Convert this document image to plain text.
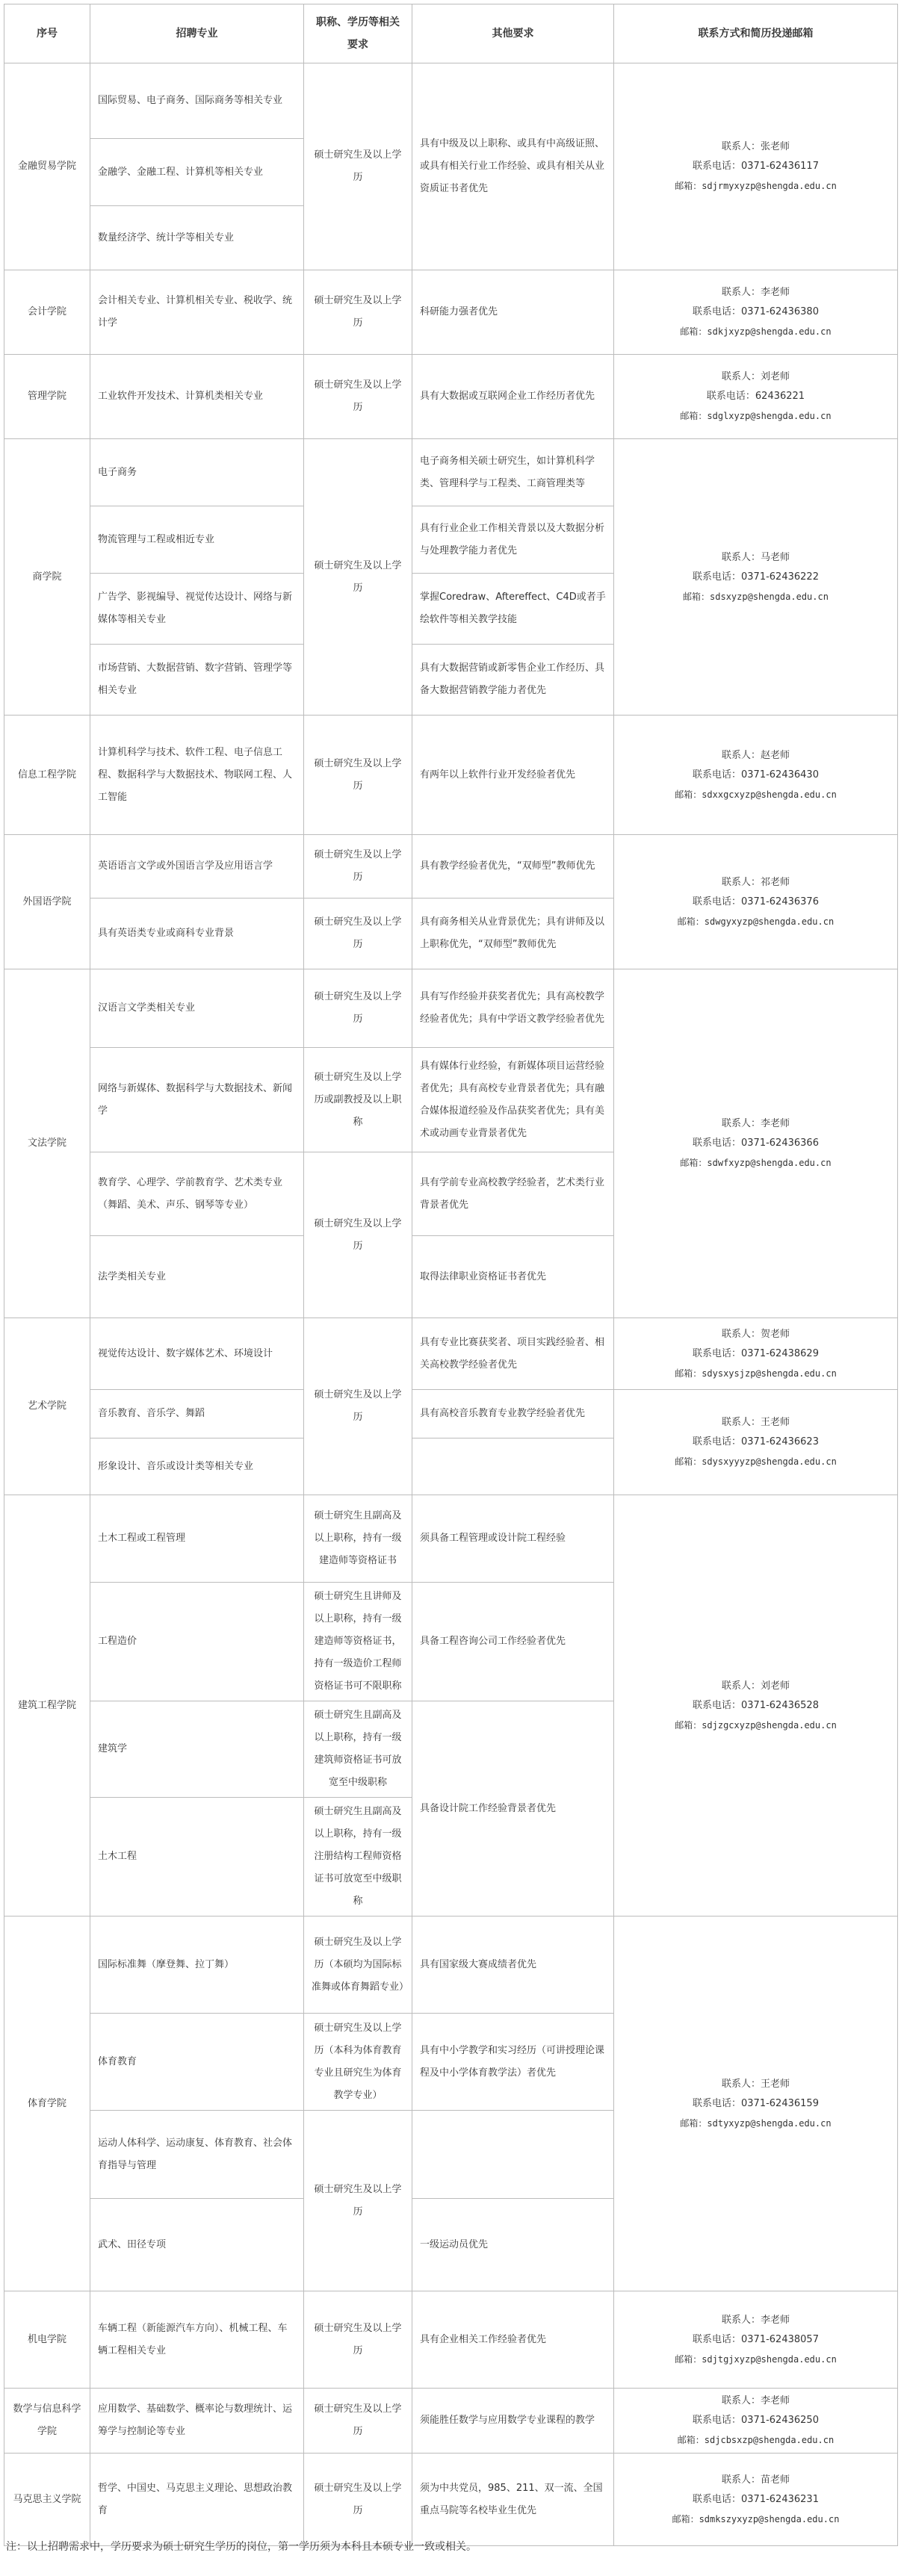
序号	招聘专业	职称、学历等相关要求	其他要求	联系方式和简历投递邮箱
金融贸易学院	国际贸易、电子商务、国际商务等相关专业	硕士研究生及以上学历	具有中级及以上职称、或具有中高级证照、或具有相关行业工作经验、或具有相关从业资质证书者优先	联系人：张老师
联系电话：0371-62436117
邮箱：sdjrmyxyzp@shengda.edu.cn

	金融学、金融工程、计算机等相关专业			
	数量经济学、统计学等相关专业			
会计学院	会计相关专业、计算机相关专业、税收学、统计学	硕士研究生及以上学历	科研能力强者优先	联系人：李老师
联系电话：0371-62436380
邮箱：sdkjxyzp@shengda.edu.cn

管理学院	工业软件开发技术、计算机类相关专业	硕士研究生及以上学历	具有大数据或互联网企业工作经历者优先	联系人：刘老师
联系电话：62436221
邮箱：sdglxyzp@shengda.edu.cn

商学院	电子商务	硕士研究生及以上学历	电子商务相关硕士研究生，如计算机科学类、管理科学与工程类、工商管理类等	联系人：马老师
联系电话：0371-62436222
邮箱：sdsxyzp@shengda.edu.cn

	物流管理与工程或相近专业		具有行业企业工作相关背景以及大数据分析与处理教学能力者优先	
	广告学、影视编导、视觉传达设计、网络与新媒体等相关专业		掌握Coredraw、Aftereffect、C4D或者手绘软件等相关教学技能	
	市场营销、大数据营销、数字营销、管理学等相关专业		具有大数据营销或新零售企业工作经历、具备大数据营销教学能力者优先	
信息工程学院	计算机科学与技术、软件工程、电子信息工程、数据科学与大数据技术、物联网工程、人工智能	硕士研究生及以上学历	有两年以上软件行业开发经验者优先	联系人：赵老师
联系电话：0371-62436430
邮箱：sdxxgcxyzp@shengda.edu.cn

外国语学院	英语语言文学或外国语言学及应用语言学	硕士研究生及以上学历	具有教学经验者优先，“双师型”教师优先	联系人：祁老师
联系电话：0371-62436376
邮箱：sdwgyxyzp@shengda.edu.cn

	具有英语类专业或商科专业背景	硕士研究生及以上学历	具有商务相关从业背景优先；具有讲师及以上职称优先，“双师型”教师优先	
文法学院	汉语言文学类相关专业	硕士研究生及以上学历	具有写作经验并获奖者优先；具有高校教学经验者优先；具有中学语文教学经验者优先	联系人：李老师
联系电话：0371-62436366
邮箱：sdwfxyzp@shengda.edu.cn

	网络与新媒体、数据科学与大数据技术、新闻学	硕士研究生及以上学历或副教授及以上职称	具有媒体行业经验，有新媒体项目运营经验者优先；具有高校专业背景者优先；具有融合媒体报道经验及作品获奖者优先；具有美术或动画专业背景者优先	
	教育学、心理学、学前教育学、艺术类专业（舞蹈、美术、声乐、钢琴等专业）	硕士研究生及以上学历	具有学前专业高校教学经验者，艺术类行业背景者优先	
	法学类相关专业		取得法律职业资格证书者优先	
艺术学院	视觉传达设计、数字媒体艺术、环境设计	硕士研究生及以上学历	具有专业比赛获奖者、项目实践经验者、相关高校教学经验者优先	联系人：贺老师
联系电话：0371-62438629
邮箱：sdysxysjzp@shengda.edu.cn

	音乐教育、音乐学、舞蹈		具有高校音乐教育专业教学经验者优先	联系人：王老师
联系电话：0371-62436623
邮箱：sdysxyyyzp@shengda.edu.cn

	形象设计、音乐或设计类等相关专业			
建筑工程学院	土木工程或工程管理	硕士研究生且副高及以上职称，持有一级建造师等资格证书	须具备工程管理或设计院工程经验	联系人：刘老师
联系电话：0371-62436528
邮箱：sdjzgcxyzp@shengda.edu.cn

	工程造价	硕士研究生且讲师及以上职称，持有一级建造师等资格证书，持有一级造价工程师资格证书可不限职称	具备工程咨询公司工作经验者优先	
	建筑学	硕士研究生且副高及以上职称，持有一级建筑师资格证书可放宽至中级职称	具备设计院工作经验背景者优先	
	土木工程	硕士研究生且副高及以上职称，持有一级注册结构工程师资格证书可放宽至中级职称		
体育学院	国际标准舞（摩登舞、拉丁舞）	硕士研究生及以上学历（本硕均为国际标准舞或体育舞蹈专业）	具有国家级大赛成绩者优先	联系人：王老师
联系电话：0371-62436159
邮箱：sdtyxyzp@shengda.edu.cn

	体育教育	硕士研究生及以上学历（本科为体育教育专业且研究生为体育教学专业）	具有中小学教学和实习经历（可讲授理论课程及中小学体育教学法）者优先	
	运动人体科学、运动康复、体育教育、社会体育指导与管理	硕士研究生及以上学历		
	武术、田径专项		一级运动员优先	
机电学院	车辆工程（新能源汽车方向）、机械工程、车辆工程相关专业	硕士研究生及以上学历	具有企业相关工作经验者优先	联系人：李老师
联系电话：0371-62438057
邮箱：sdjtgjxyzp@shengda.edu.cn

数学与信息科学学院	应用数学、基础数学、概率论与数理统计、运筹学与控制论等专业	硕士研究生及以上学历	须能胜任数学与应用数学专业课程的教学	联系人：李老师
联系电话：0371-62436250
邮箱：sdjcbsxzp@shengda.edu.cn

马克思主义学院	哲学、中国史、马克思主义理论、思想政治教育	硕士研究生及以上学历	须为中共党员，985、211、双一流、全国重点马院等名校毕业生优先	联系人：苗老师
联系电话：0371-62436231
邮箱：sdmkszyxyzp@shengda.edu.cn
注：以上招聘需求中，学历要求为硕士研究生学历的岗位，第一学历须为本科且本硕专业一致或相关。
